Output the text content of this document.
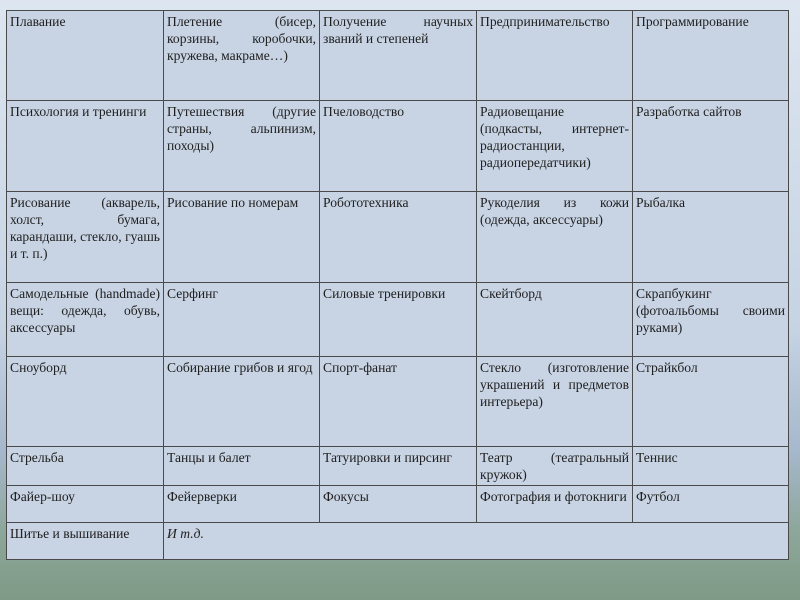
Плавание	Плетение (бисер, корзины, коробочки, кружева, макраме…)	Получение научных званий и степеней	Предпринимательство	Программирование
Психология и тренинги	Путешествия (другие страны, альпинизм, походы)	Пчеловодство	Радиовещание (подкасты, интернет-радиостанции, радиопередатчики)	Разработка сайтов
Рисование (акварель, холст, бумага, карандаши, стекло, гуашь и т. п.)	Рисование по номерам	Робототехника	Рукоделия из кожи (одежда, аксессуары)	Рыбалка
Самодельные (handmade) вещи: одежда, обувь, аксессуары	Серфинг	Силовые тренировки	Скейтборд	Скрапбукинг (фотоальбомы своими руками)
Сноуборд	Собирание грибов и ягод	Спорт-фанат	Стекло (изготовление украшений и предметов интерьера)	Страйкбол
Стрельба	Танцы и балет	Татуировки и пирсинг	Театр (театральный кружок)	Теннис
Файер-шоу	Фейерверки	Фокусы	Фотография и фотокниги	Футбол
Шитье и вышивание	И т.д.			
